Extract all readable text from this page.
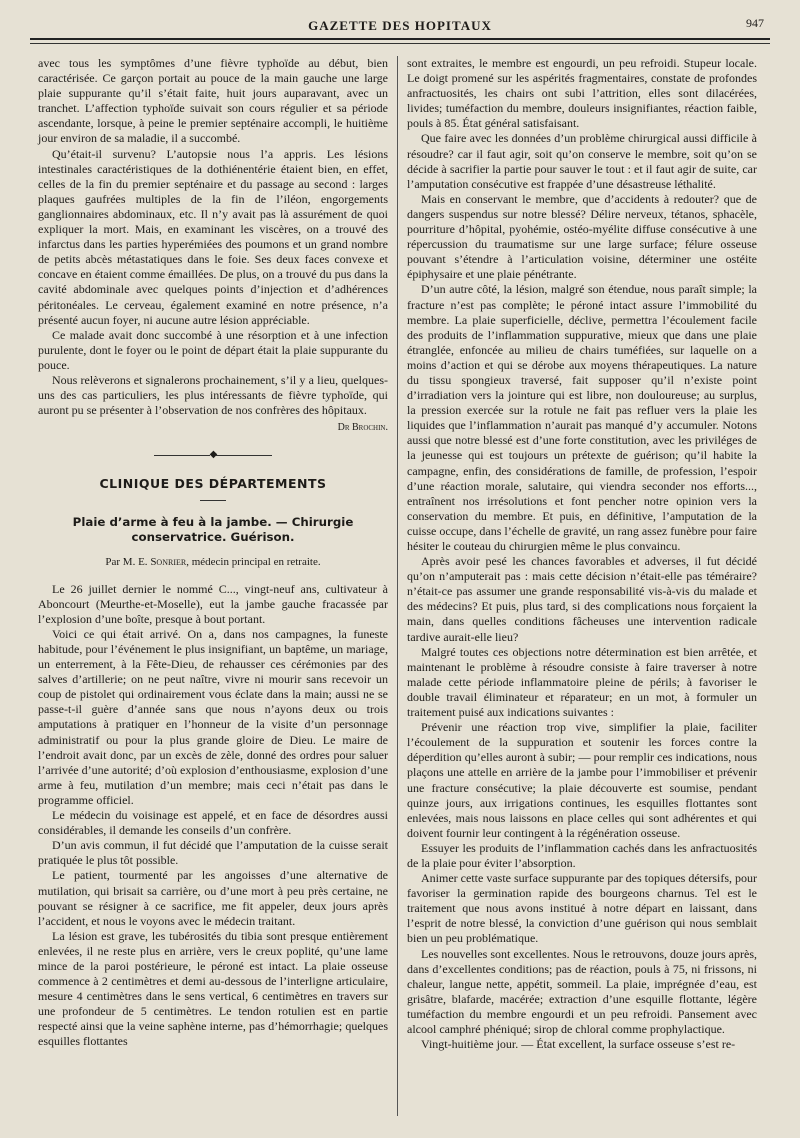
GAZETTE DES HOPITAUX	947

avec tous les symptômes d’une fièvre typhoïde au début, bien caractérisée. Ce garçon portait au pouce de la main gauche une large plaie suppurante qu’il s’était faite, huit jours auparavant, avec un tranchet. L’affection typhoïde suivait son cours régulier et sa période ascendante, lorsque, à peine le premier septénaire accompli, le huitième jour environ de sa maladie, il a succombé.

Qu’était-il survenu? L’autopsie nous l’a appris. Les lésions intestinales caractéristiques de la dothiénentérie étaient bien, en effet, celles de la fin du premier septénaire et du passage au second : larges plaques gaufrées multiples de la fin de l’iléon, engorgements ganglionnaires abdominaux, etc. Il n’y avait pas là assurément de quoi expliquer la mort. Mais, en examinant les viscères, on a trouvé des infarctus dans les parties hyperémiées des poumons et un grand nombre de petits abcès métastatiques dans le foie. Ses deux faces convexe et concave en étaient comme émaillées. De plus, on a trouvé du pus dans la cavité abdominale avec quelques points d’injection et d’adhérences péritonéales. Le cerveau, également examiné en notre présence, n’a présenté aucun foyer, ni aucune autre lésion appréciable.

Ce malade avait donc succombé à une résorption et à une infection purulente, dont le foyer ou le point de départ était la plaie suppurante du pouce.

Nous relèverons et signalerons prochainement, s’il y a lieu, quelques-uns des cas particuliers, les plus intéressants de fièvre typhoïde, qui auront pu se présenter à l’observation de nos confrères des hôpitaux.

Dr Brochin.
◆
CLINIQUE DES DÉPARTEMENTS
Plaie d’arme à feu à la jambe. — Chirurgie conservatrice. Guérison.
Par M. E. Sonrier, médecin principal en retraite.

Le 26 juillet dernier le nommé C..., vingt-neuf ans, cultivateur à Aboncourt (Meurthe-et-Moselle), eut la jambe gauche fracassée par l’explosion d’une boîte, presque à bout portant.

Voici ce qui était arrivé. On a, dans nos campagnes, la funeste habitude, pour l’événement le plus insignifiant, un baptême, un mariage, un enterrement, à la Fête-Dieu, de rehausser ces cérémonies par des salves d’artillerie; on ne peut naître, vivre ni mourir sans recevoir un coup de pistolet qui ordinairement vous éclate dans la main; aussi ne se passe-t-il guère d’année sans que nous n’ayons deux ou trois amputations à pratiquer en l’honneur de la visite d’un personnage administratif ou pour la plus grande gloire de Dieu. Le maire de l’endroit avait donc, par un excès de zèle, donné des ordres pour saluer l’arrivée d’une autorité; d’où explosion d’enthousiasme, explosion d’une arme à feu, mutilation d’un membre; mais ceci n’était pas dans le programme officiel.

Le médecin du voisinage est appelé, et en face de désordres aussi considérables, il demande les conseils d’un confrère.

D’un avis commun, il fut décidé que l’amputation de la cuisse serait pratiquée le plus tôt possible.

Le patient, tourmenté par les angoisses d’une alternative de mutilation, qui brisait sa carrière, ou d’une mort à peu près certaine, ne pouvant se résigner à ce sacrifice, me fit appeler, deux jours après l’accident, et nous le voyons avec le médecin traitant.

La lésion est grave, les tubérosités du tibia sont presque entièrement enlevées, il ne reste plus en arrière, vers le creux poplité, qu’une lame mince de la paroi postérieure, le péroné est intact. La plaie osseuse commence à 2 centimètres et demi au-dessous de l’interligne articulaire, mesure 4 centimètres dans le sens vertical, 6 centimètres en travers sur une profondeur de 5 centimètres. Le tendon rotulien est en partie respecté ainsi que la veine saphène interne, pas d’hémorrhagie; quelques esquilles flottantes

sont extraites, le membre est engourdi, un peu refroidi. Stupeur locale. Le doigt promené sur les aspérités fragmentaires, constate de profondes anfractuosités, les chairs ont subi l’attrition, elles sont dilacérées, livides; tuméfaction du membre, douleurs insignifiantes, réaction faible, pouls à 85. État général satisfaisant.

Que faire avec les données d’un problème chirurgical aussi difficile à résoudre? car il faut agir, soit qu’on conserve le membre, soit qu’on se décide à sacrifier la partie pour sauver le tout : et il faut agir de suite, car l’amputation consécutive est frappée d’une désastreuse léthalité.

Mais en conservant le membre, que d’accidents à redouter? que de dangers suspendus sur notre blessé? Délire nerveux, tétanos, sphacèle, pourriture d’hôpital, pyohémie, ostéo-myélite diffuse consécutive à une répercussion du traumatisme sur une large surface; félure osseuse pouvant s’étendre à l’articulation voisine, déterminer une ostéite épiphysaire et une plaie pénétrante.

D’un autre côté, la lésion, malgré son étendue, nous paraît simple; la fracture n’est pas complète; le péroné intact assure l’immobilité du membre. La plaie superficielle, déclive, permettra l’écoulement facile des produits de l’inflammation suppurative, mieux que dans une plaie étranglée, enfoncée au milieu de chairs tuméfiées, sur laquelle on a moins d’action et qui se dérobe aux moyens thérapeutiques. La nature du tissu spongieux traversé, fait supposer qu’il n’existe point d’irradiation vers la jointure qui est libre, non douloureuse; au surplus, la pression exercée sur la rotule ne fait pas refluer vers la plaie les liquides que l’inflammation n’aurait pas manqué d’y accumuler. Notons aussi que notre blessé est d’une forte constitution, avec les priviléges de la jeunesse qui est toujours un prétexte de guérison; qu’il habite la campagne, enfin, des considérations de famille, de profession, l’espoir d’une réaction morale, salutaire, qui viendra seconder nos efforts..., entraînent nos irrésolutions et font pencher notre opinion vers la conservation du membre. Et puis, en définitive, l’amputation de la cuisse occupe, dans l’échelle de gravité, un rang assez funèbre pour faire hésiter le couteau du chirurgien même le plus convaincu.

Après avoir pesé les chances favorables et adverses, il fut décidé qu’on n’amputerait pas : mais cette décision n’était-elle pas téméraire? n’était-ce pas assumer une grande responsabilité vis-à-vis du malade et des médecins? Et puis, plus tard, si des complications nous forçaient la main, dans quelles conditions fâcheuses une intervention radicale tardive aurait-elle lieu?

Malgré toutes ces objections notre détermination est bien arrêtée, et maintenant le problème à résoudre consiste à faire traverser à notre malade cette période inflammatoire pleine de périls; à favoriser le double travail éliminateur et réparateur; en un mot, à formuler un traitement puisé aux indications suivantes :

Prévenir une réaction trop vive, simplifier la plaie, faciliter l’écoulement de la suppuration et soutenir les forces contre la déperdition qu’elles auront à subir; — pour remplir ces indications, nous plaçons une attelle en arrière de la jambe pour l’immobiliser et prévenir une fracture consécutive; la plaie découverte est soumise, pendant quinze jours, aux irrigations continues, les esquilles flottantes sont enlevées, mais nous laissons en place celles qui sont adhérentes et qui doivent fournir leur contingent à la régénération osseuse.

Essuyer les produits de l’inflammation cachés dans les anfractuosités de la plaie pour éviter l’absorption.

Animer cette vaste surface suppurante par des topiques détersifs, pour favoriser la germination rapide des bourgeons charnus. Tel est le traitement que nous avons institué à notre départ en laissant, dans l’esprit de notre blessé, la conviction d’une guérison qui nous semblait bien un peu problématique.

Les nouvelles sont excellentes. Nous le retrouvons, douze jours après, dans d’excellentes conditions; pas de réaction, pouls à 75, ni frissons, ni chaleur, langue nette, appétit, sommeil. La plaie, imprégnée d’eau, est grisâtre, blafarde, macérée; extraction d’une esquille flottante, légère tuméfaction du membre engourdi et un peu refroidi. Pansement avec alcool camphré phéniqué; sirop de chloral comme prophylactique.

Vingt-huitième jour. — État excellent, la surface osseuse s’est re-
